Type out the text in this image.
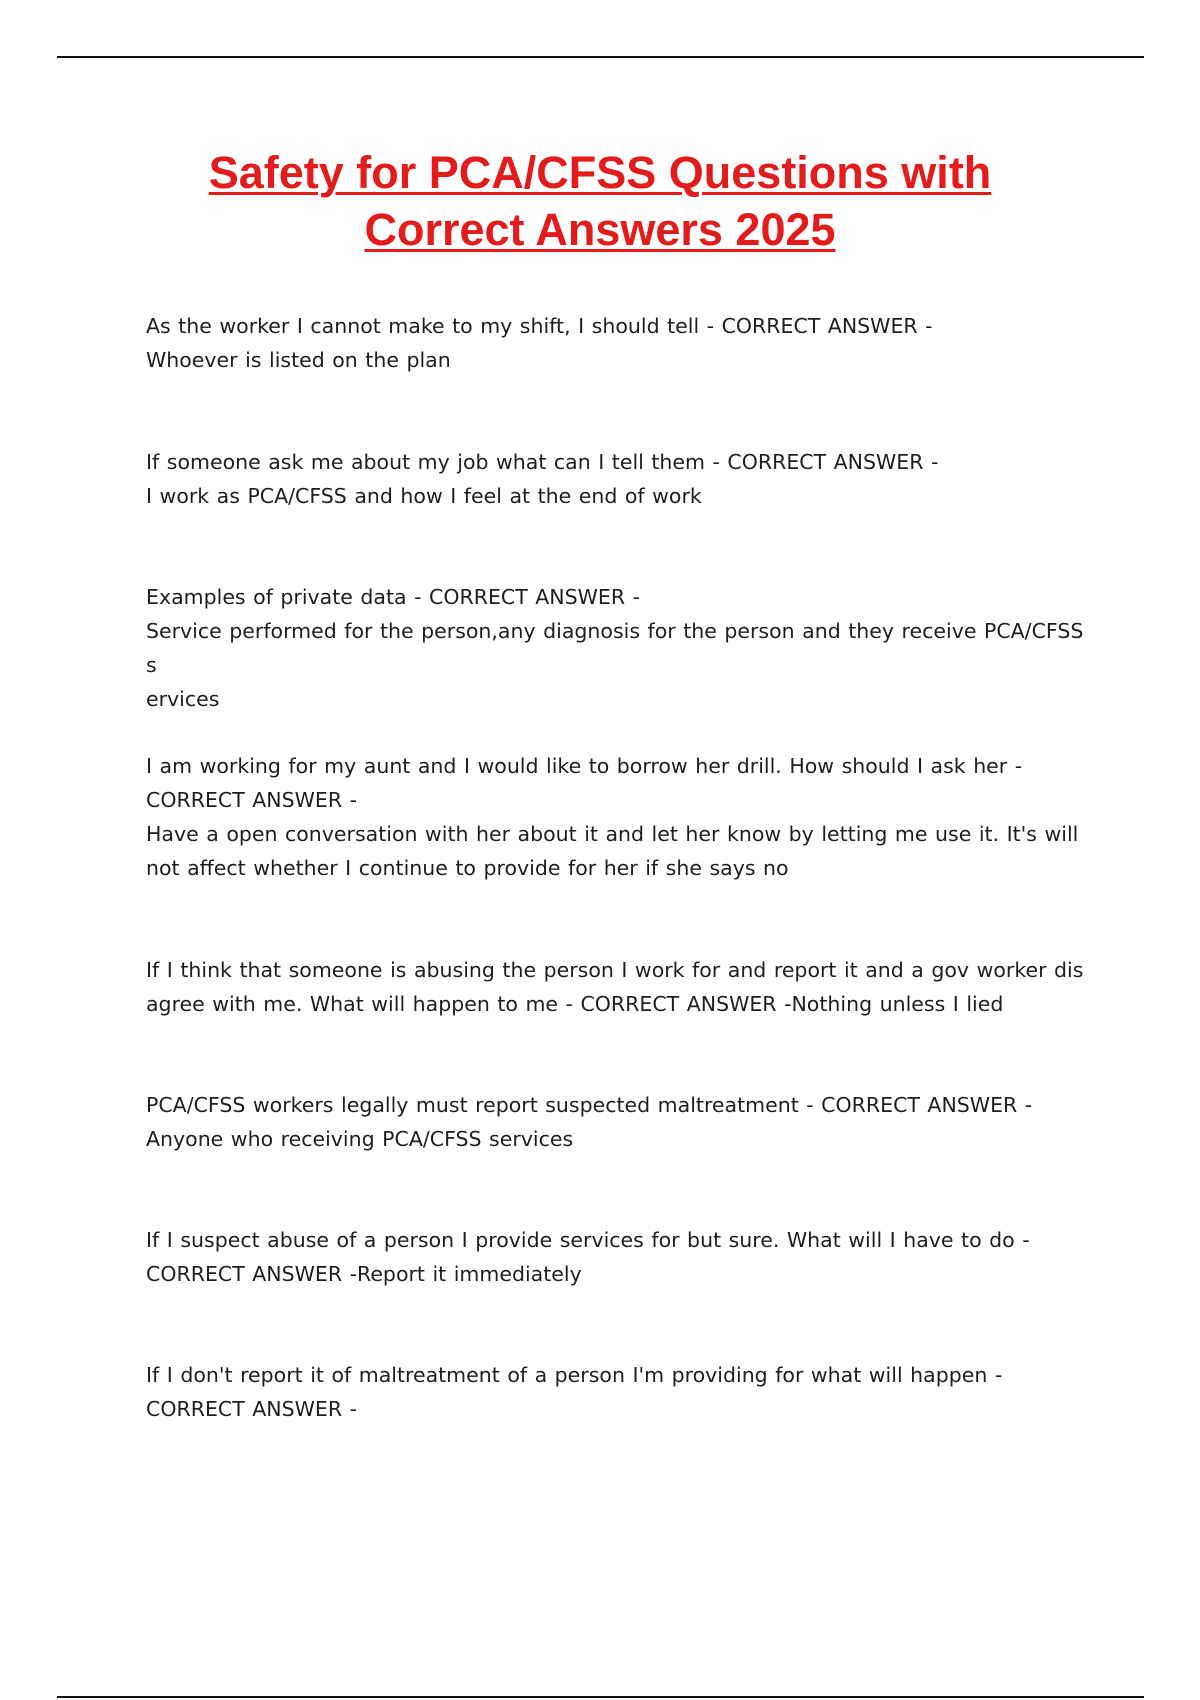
Safety for PCA/CFSS Questions with
Correct Answers 2025

As the worker I cannot make to my shift, I should tell - CORRECT ANSWER -
Whoever is listed on the plan

If someone ask me about my job what can I tell them - CORRECT ANSWER -
I work as PCA/CFSS and how I feel at the end of work

Examples of private data - CORRECT ANSWER -
Service performed for the person,any diagnosis for the person and they receive PCA/CFSS s
ervices

I am working for my aunt and I would like to borrow her drill. How should I ask her -
CORRECT ANSWER -
Have a open conversation with her about it and let her know by letting me use it. It's will
not affect whether I continue to provide for her if she says no

If I think that someone is abusing the person I work for and report it and a gov worker dis
agree with me. What will happen to me - CORRECT ANSWER -Nothing unless I lied

PCA/CFSS workers legally must report suspected maltreatment - CORRECT ANSWER -
Anyone who receiving PCA/CFSS services

If I suspect abuse of a person I provide services for but sure. What will I have to do -
CORRECT ANSWER -Report it immediately

If I don't report it of maltreatment of a person I'm providing for what will happen -
CORRECT ANSWER -
